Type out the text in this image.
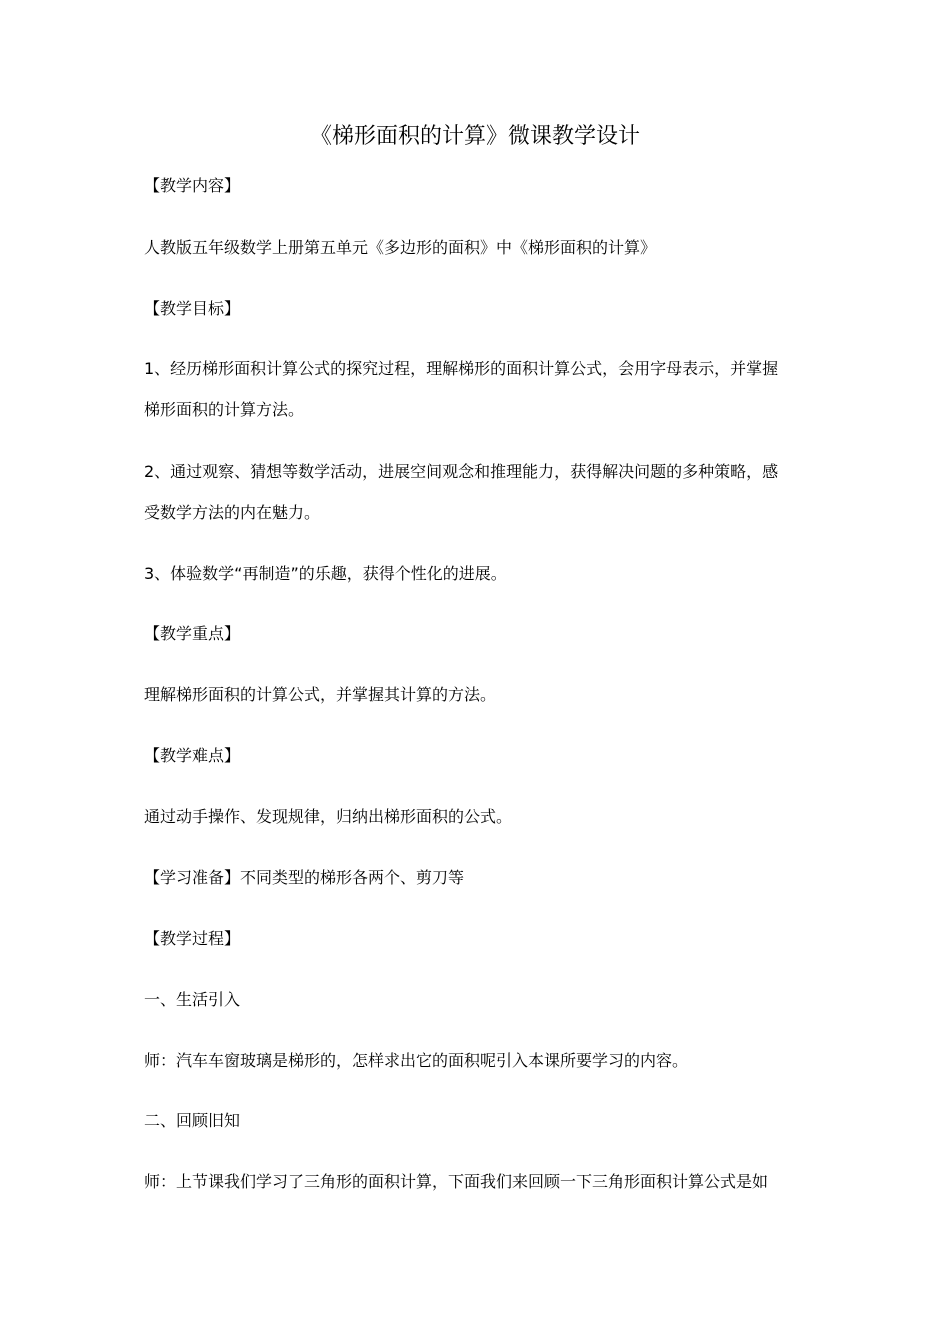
《梯形面积的计算》微课教学设计
【教学内容】
人教版五年级数学上册第五单元《多边形的面积》中《梯形面积的计算》
【教学目标】
1、经历梯形面积计算公式的探究过程，理解梯形的面积计算公式，会用字母表示，并掌握
梯形面积的计算方法。
2、通过观察、猜想等数学活动，进展空间观念和推理能力，获得解决问题的多种策略，感
受数学方法的内在魅力。
3、体验数学“再制造”的乐趣，获得个性化的进展。
【教学重点】
理解梯形面积的计算公式，并掌握其计算的方法。
【教学难点】
通过动手操作、发现规律，归纳出梯形面积的公式。
【学习准备】不同类型的梯形各两个、剪刀等
【教学过程】
一、生活引入
师：汽车车窗玻璃是梯形的，怎样求出它的面积呢引入本课所要学习的内容。
二、回顾旧知
师：上节课我们学习了三角形的面积计算，下面我们来回顾一下三角形面积计算公式是如
